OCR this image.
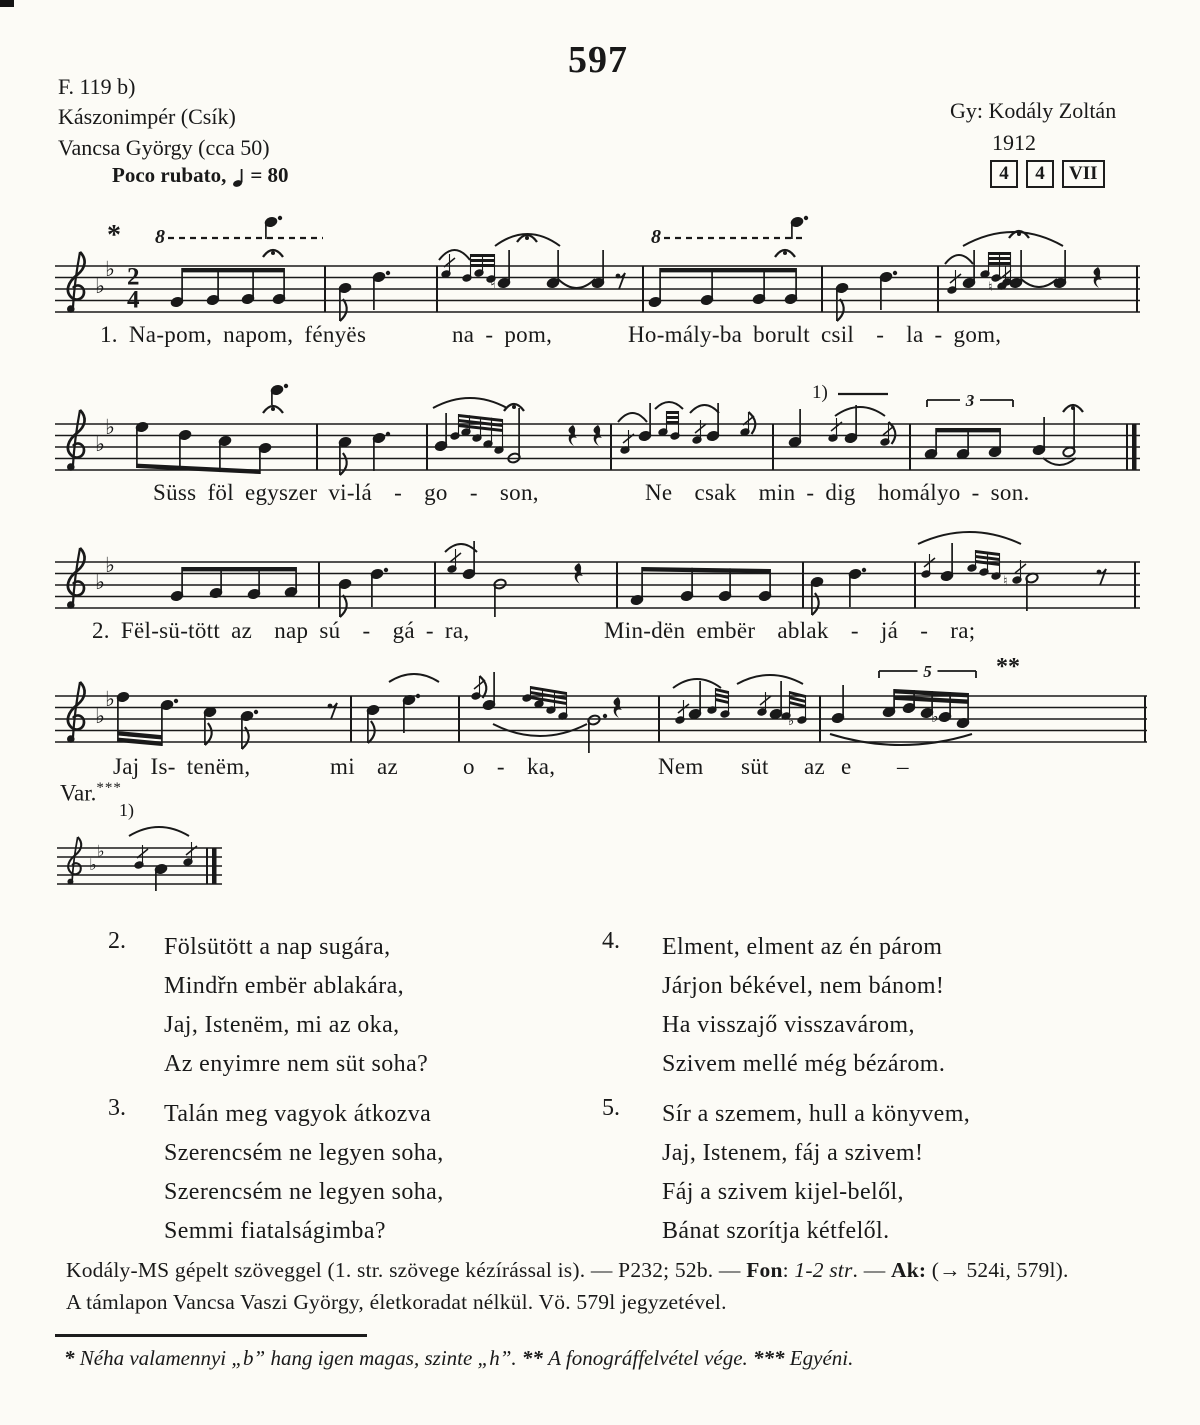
597
F. 119 b)
Kászonimpér (Csík)
Vancsa György (cca 50)
Poco rubato, = 80
Gy: Kodály Zoltán
1912
4	4	VII
♭
♭ 2
4
* 8
♮
8
♮
♭
♭
1)	3
♭
♭
♮
♭
♭
♭
5
♭
**
♭
♭
1)
Var.***
2. Fölsütött a nap sugára,
Mindřn embër ablakára,
Jaj, Istenëm, mi az oka,
Az enyimre nem süt soha?
3. Talán meg vagyok átkozva
Szerencsém ne legyen soha,
Szerencsém ne legyen soha,
Semmi fiatalságimba?
4. Elment, elment az én párom
Járjon békével, nem bánom!
Ha visszajő visszavárom,
Szivem mellé még bézárom.
5. Sír a szemem, hull a könyvem,
Jaj, Istenem, fáj a szivem!
Fáj a szivem kijel-belől,
Bánat szorítja kétfelől.
Kodály-MS gépelt szöveggel (1. str. szövege kézírással is). — P232; 52b. — Fon: 1-2 str. — Ak: (→ 524i, 579l).
A támlapon Vancsa Vaszi György, életkoradat nélkül. Vö. 579l jegyzetével.
* Néha valamennyi „b” hang igen magas, szinte „h”. ** A fonográffelvétel vége. *** Egyéni.
1. Na-pom, napom, fényës	na - pom,	Ho-mály-ba borult csil  -  la - gom,
Süss föl egyszer vi-lá  -  go  -  son,	Ne  csak  min - dig homályo - son.
2. Fël-sü-tött az  nap sú  -  gá - ra,	Min-dën embër  ablak  -  já  -  ra;
Jaj Is- tenëm,	mi  az	o  -  ka,	Nem süt az e –
